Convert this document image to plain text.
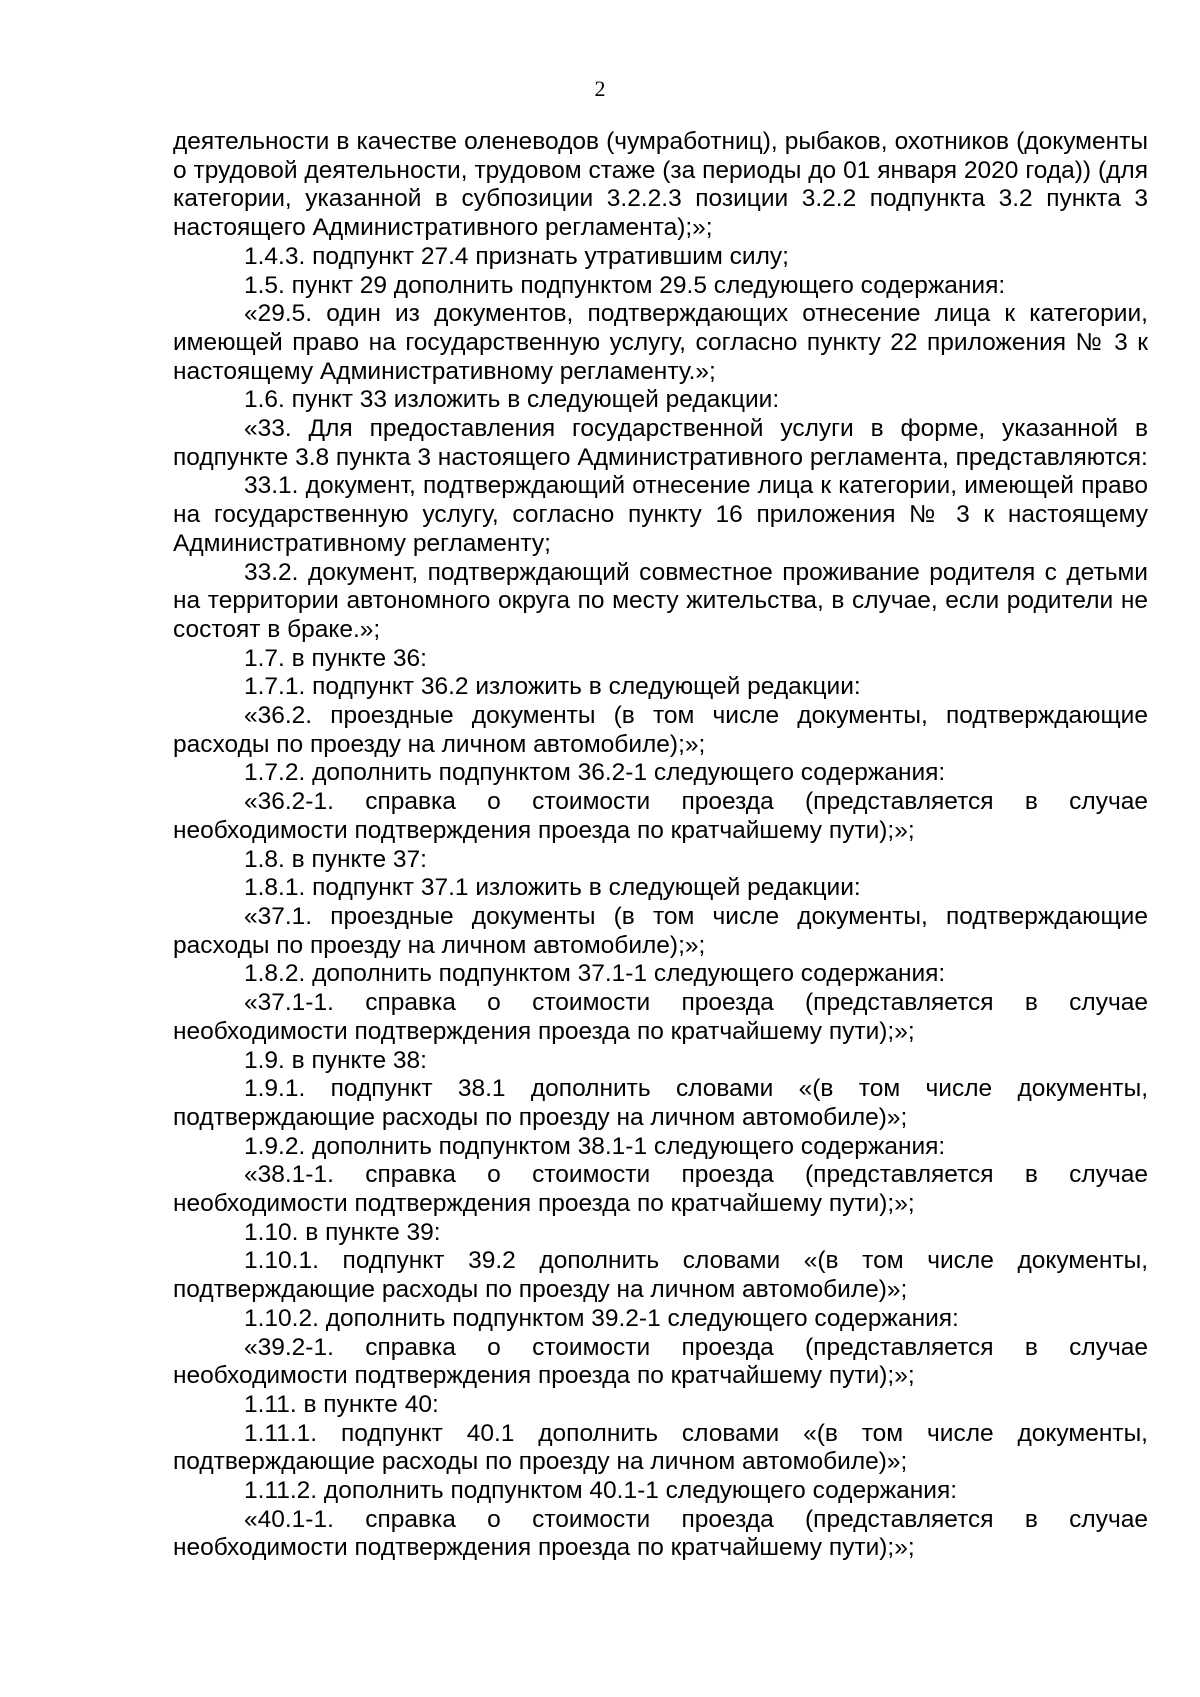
2

деятельности в качестве оленеводов (чумработниц), рыбаков, охотников (документы о трудовой деятельности, трудовом стаже (за периоды до 01 января 2020 года)) (для категории, указанной в субпозиции 3.2.2.3 позиции 3.2.2 подпункта 3.2 пункта 3 настоящего Административного регламента);»;

1.4.3. подпункт 27.4 признать утратившим силу;

1.5. пункт 29 дополнить подпунктом 29.5 следующего содержания:

«29.5. один из документов, подтверждающих отнесение лица к категории, имеющей право на государственную услугу, согласно пункту 22 приложения № 3 к настоящему Административному регламенту.»;

1.6. пункт 33 изложить в следующей редакции:

«33. Для предоставления государственной услуги в форме, указанной в подпункте 3.8 пункта 3 настоящего Административного регламента, представляются:

33.1. документ, подтверждающий отнесение лица к категории, имеющей право на государственную услугу, согласно пункту 16 приложения № 3 к настоящему Административному регламенту;

33.2. документ, подтверждающий совместное проживание родителя с детьми на территории автономного округа по месту жительства, в случае, если родители не состоят в браке.»;

1.7. в пункте 36:

1.7.1. подпункт 36.2 изложить в следующей редакции:

«36.2. проездные документы (в том числе документы, подтверждающие расходы по проезду на личном автомобиле);»;

1.7.2. дополнить подпунктом 36.2-1 следующего содержания:

«36.2-1. справка о стоимости проезда (представляется в случае необходимости подтверждения проезда по кратчайшему пути);»;

1.8. в пункте 37:

1.8.1. подпункт 37.1 изложить в следующей редакции:

«37.1. проездные документы (в том числе документы, подтверждающие расходы по проезду на личном автомобиле);»;

1.8.2. дополнить подпунктом 37.1-1 следующего содержания:

«37.1-1. справка о стоимости проезда (представляется в случае необходимости подтверждения проезда по кратчайшему пути);»;

1.9. в пункте 38:

1.9.1. подпункт 38.1 дополнить словами «(в том числе документы, подтверждающие расходы по проезду на личном автомобиле)»;

1.9.2. дополнить подпунктом 38.1-1 следующего содержания:

«38.1-1. справка о стоимости проезда (представляется в случае необходимости подтверждения проезда по кратчайшему пути);»;

1.10. в пункте 39:

1.10.1. подпункт 39.2 дополнить словами «(в том числе документы, подтверждающие расходы по проезду на личном автомобиле)»;

1.10.2. дополнить подпунктом 39.2-1 следующего содержания:

«39.2-1. справка о стоимости проезда (представляется в случае необходимости подтверждения проезда по кратчайшему пути);»;

1.11. в пункте 40:

1.11.1. подпункт 40.1 дополнить словами «(в том числе документы, подтверждающие расходы по проезду на личном автомобиле)»;

1.11.2. дополнить подпунктом 40.1-1 следующего содержания:

«40.1-1. справка о стоимости проезда (представляется в случае необходимости подтверждения проезда по кратчайшему пути);»;
